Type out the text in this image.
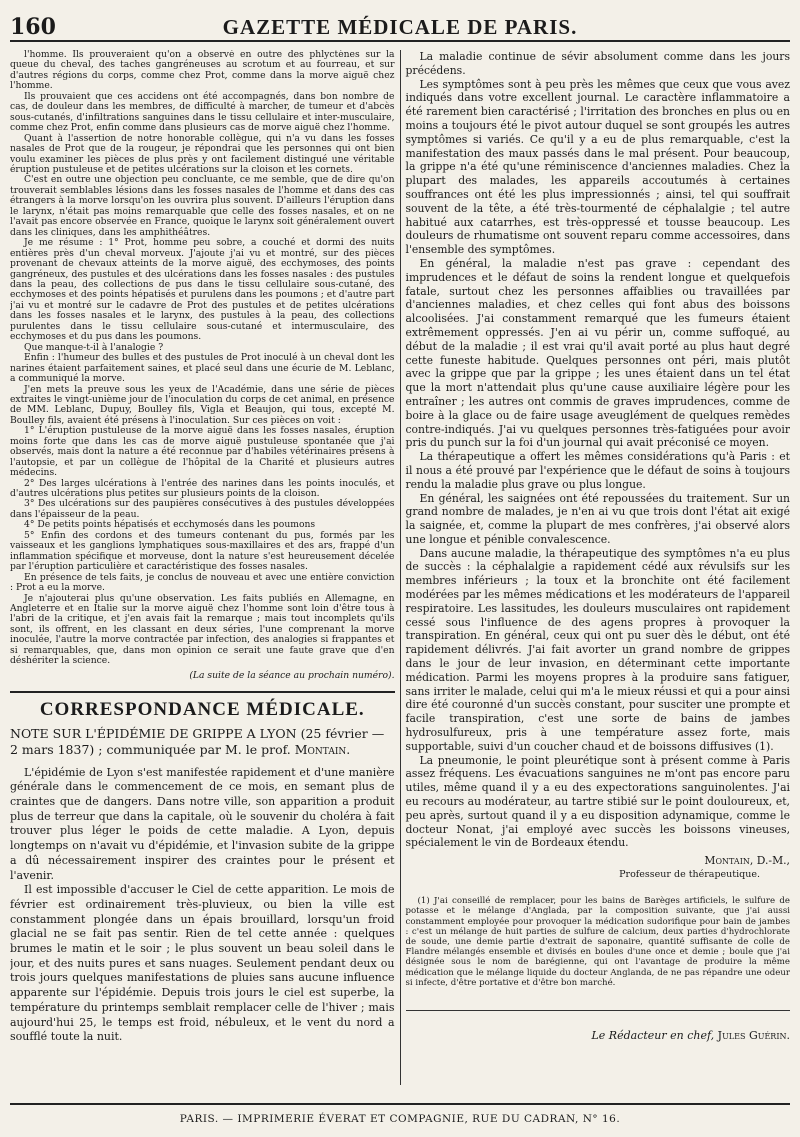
160	GAZETTE MÉDICALE DE PARIS.

l'homme. Ils prouveraient qu'on a observé en outre des phlyctènes sur la queue du cheval, des taches gangréneuses au scrotum et au fourreau, et sur d'autres régions du corps, comme chez Prot, comme dans la morve aiguë chez l'homme.

Ils prouvaient que ces accidens ont été accompagnés, dans bon nombre de cas, de douleur dans les membres, de difficulté à marcher, de tumeur et d'abcès sous-cutanés, d'infiltrations sanguines dans le tissu cellulaire et inter-musculaire, comme chez Prot, enfin comme dans plusieurs cas de morve aiguë chez l'homme.

Quant à l'assertion de notre honorable collègue, qui n'a vu dans les fosses nasales de Prot que de la rougeur, je répondrai que les personnes qui ont bien voulu examiner les pièces de plus près y ont facilement distingué une véritable éruption pustuleuse et de petites ulcérations sur la cloison et les cornets.

C'est en outre une objection peu concluante, ce me semble, que de dire qu'on trouverait semblables lésions dans les fosses nasales de l'homme et dans des cas étrangers à la morve lorsqu'on les ouvrira plus souvent. D'ailleurs l'éruption dans le larynx, n'était pas moins remarquable que celle des fosses nasales, et on ne l'avait pas encore observée en France, quoique le larynx soit généralement ouvert dans les cliniques, dans les amphithéâtres.

Je me résume : 1° Prot, homme peu sobre, a couché et dormi des nuits entières près d'un cheval morveux. J'ajoute j'ai vu et montré, sur des pièces provenant de chevaux atteints de la morve aiguë, des ecchymoses, des points gangréneux, des pustules et des ulcérations dans les fosses nasales : des pustules dans la peau, des collections de pus dans le tissu cellulaire sous-cutané, des ecchymoses et des points hépatisés et purulens dans les poumons ; et d'autre part j'ai vu et montré sur le cadavre de Prot des pustules et de petites ulcérations dans les fosses nasales et le larynx, des pustules à la peau, des collections purulentes dans le tissu cellulaire sous-cutané et intermusculaire, des ecchymoses et du pus dans les poumons.

Que manque-t-il à l'analogie ?

Enfin : l'humeur des bulles et des pustules de Prot inoculé à un cheval dont les narines étaient parfaitement saines, et placé seul dans une écurie de M. Leblanc, a communiqué la morve.

J'en mets la preuve sous les yeux de l'Académie, dans une série de pièces extraites le vingt-unième jour de l'inoculation du corps de cet animal, en présence de MM. Leblanc, Dupuy, Boulley fils, Vigla et Beaujon, qui tous, excepté M. Boulley fils, avaient été présens à l'inoculation. Sur ces pièces on voit :

1° L'éruption pustuleuse de la morve aiguë dans les fosses nasales, éruption moins forte que dans les cas de morve aiguë pustuleuse spontanée que j'ai observés, mais dont la nature a été reconnue par d'habiles vétérinaires présens à l'autopsie, et par un collègue de l'hôpital de la Charité et plusieurs autres médecins.

2° Des larges ulcérations à l'entrée des narines dans les points inoculés, et d'autres ulcérations plus petites sur plusieurs points de la cloison.

3° Des ulcérations sur des paupières consécutives à des pustules développées dans l'épaisseur de la peau.

4° De petits points hépatisés et ecchymosés dans les poumons

5° Enfin des cordons et des tumeurs contenant du pus, formés par les vaisseaux et les ganglions lymphatiques sous-maxillaires et des ars, frappé d'un inflammation spécifique et morveuse, dont la nature s'est heureusement décelée par l'éruption particulière et caractéristique des fosses nasales.

En présence de tels faits, je conclus de nouveau et avec une entière conviction : Prot a eu la morve.

Je n'ajouterai plus qu'une observation. Les faits publiés en Allemagne, en Angleterre et en Italie sur la morve aiguë chez l'homme sont loin d'être tous à l'abri de la critique, et j'en avais fait la remarque ; mais tout incomplets qu'ils sont, ils offrent, en les classant en deux séries, l'une comprenant la morve inoculée, l'autre la morve contractée par infection, des analogies si frappantes et si remarquables, que, dans mon opinion ce serait une faute grave que d'en déshériter la science.

(La suite de la séance au prochain numéro).

CORRESPONDANCE MÉDICALE.
NOTE SUR L'ÉPIDÉMIE DE GRIPPE A LYON (25 février — 2 mars 1837) ; communiquée par M. le prof. Montain.

L'épidémie de Lyon s'est manifestée rapidement et d'une manière générale dans le commencement de ce mois, en semant plus de craintes que de dangers. Dans notre ville, son apparition a produit plus de terreur que dans la capitale, où le souvenir du choléra à fait trouver plus léger le poids de cette maladie. A Lyon, depuis longtemps on n'avait vu d'épidémie, et l'invasion subite de la grippe a dû nécessairement inspirer des craintes pour le présent et l'avenir.

Il est impossible d'accuser le Ciel de cette apparition. Le mois de février est ordinairement très-pluvieux, ou bien la ville est constamment plongée dans un épais brouillard, lorsqu'un froid glacial ne se fait pas sentir. Rien de tel cette année : quelques brumes le matin et le soir ; le plus souvent un beau soleil dans le jour, et des nuits pures et sans nuages. Seulement pendant deux ou trois jours quelques manifestations de pluies sans aucune influence apparente sur l'épidémie. Depuis trois jours le ciel est superbe, la température du printemps semblait remplacer celle de l'hiver ; mais aujourd'hui 25, le temps est froid, nébuleux, et le vent du nord a soufflé toute la nuit.

La maladie continue de sévir absolument comme dans les jours précédens.

Les symptômes sont à peu près les mêmes que ceux que vous avez indiqués dans votre excellent journal. Le caractère inflammatoire a été rarement bien caractérisé ; l'irritation des bronches en plus ou en moins a toujours été le pivot autour duquel se sont groupés les autres symptômes si variés. Ce qu'il y a eu de plus remarquable, c'est la manifestation des maux passés dans le mal présent. Pour beaucoup, la grippe n'a été qu'une réminiscence d'anciennes maladies. Chez la plupart des malades, les appareils accoutumés à certaines souffrances ont été les plus impressionnés ; ainsi, tel qui souffrait souvent de la tête, a été très-tourmenté de céphalalgie ; tel autre habitué aux catarrhes, est très-oppressé et tousse beaucoup. Les douleurs de rhumatisme ont souvent reparu comme accessoires, dans l'ensemble des symptômes.

En général, la maladie n'est pas grave : cependant des imprudences et le défaut de soins la rendent longue et quelquefois fatale, surtout chez les personnes affaiblies ou travaillées par d'anciennes maladies, et chez celles qui font abus des boissons alcoolisées. J'ai constamment remarqué que les fumeurs étaient extrêmement oppressés. J'en ai vu périr un, comme suffoqué, au début de la maladie ; il est vrai qu'il avait porté au plus haut degré cette funeste habitude. Quelques personnes ont péri, mais plutôt avec la grippe que par la grippe ; les unes étaient dans un tel état que la mort n'attendait plus qu'une cause auxiliaire légère pour les entraîner ; les autres ont commis de graves imprudences, comme de boire à la glace ou de faire usage aveuglément de quelques remèdes contre-indiqués. J'ai vu quelques personnes très-fatiguées pour avoir pris du punch sur la foi d'un journal qui avait préconisé ce moyen.

La thérapeutique a offert les mêmes considérations qu'à Paris : et il nous a été prouvé par l'expérience que le défaut de soins à toujours rendu la maladie plus grave ou plus longue.

En général, les saignées ont été repoussées du traitement. Sur un grand nombre de malades, je n'en ai vu que trois dont l'état ait exigé la saignée, et, comme la plupart de mes confrères, j'ai observé alors une longue et pénible convalescence.

Dans aucune maladie, la thérapeutique des symptômes n'a eu plus de succès : la céphalalgie a rapidement cédé aux révulsifs sur les membres inférieurs ; la toux et la bronchite ont été facilement modérées par les mêmes médications et les modérateurs de l'appareil respiratoire. Les lassitudes, les douleurs musculaires ont rapidement cessé sous l'influence de des agens propres à provoquer la transpiration. En général, ceux qui ont pu suer dès le début, ont été rapidement délivrés. J'ai fait avorter un grand nombre de grippes dans le jour de leur invasion, en déterminant cette importante médication. Parmi les moyens propres à la produire sans fatiguer, sans irriter le malade, celui qui m'a le mieux réussi et qui a pour ainsi dire été couronné d'un succès constant, pour susciter une prompte et facile transpiration, c'est une sorte de bains de jambes hydrosulfureux, pris à une température assez forte, mais supportable, suivi d'un coucher chaud et de boissons diffusives (1).

La pneumonie, le point pleurétique sont à présent comme à Paris assez fréquens. Les évacuations sanguines ne m'ont pas encore paru utiles, même quand il y a eu des expectorations sanguinolentes. J'ai eu recours au modérateur, au tartre stibié sur le point douloureux, et, peu après, surtout quand il y a eu disposition adynamique, comme le docteur Nonat, j'ai employé avec succès les boissons vineuses, spécialement le vin de Bordeaux étendu.

Montain, D.-M.,
Professeur de thérapeutique.

(1) J'ai conseillé de remplacer, pour les bains de Barèges artificiels, le sulfure de potasse et le mélange d'Anglada, par la composition suivante, que j'ai aussi constamment employée pour provoquer la médication sudorifique pour bain de jambes : c'est un mélange de huit parties de sulfure de calcium, deux parties d'hydrochlorate de soude, une demie partie d'extrait de saponaire, quantité suffisante de colle de Flandre mélangés ensemble et divisés en boules d'une once et demie ; boule que j'ai désignée sous le nom de barégienne, qui ont l'avantage de produire la même médication que le mélange liquide du docteur Anglanda, de ne pas répandre une odeur si infecte, d'être portative et d'être bon marché.

Le Rédacteur en chef, Jules Guérin.
PARIS. — IMPRIMERIE ÉVERAT ET COMPAGNIE, RUE DU CADRAN, N° 16.
